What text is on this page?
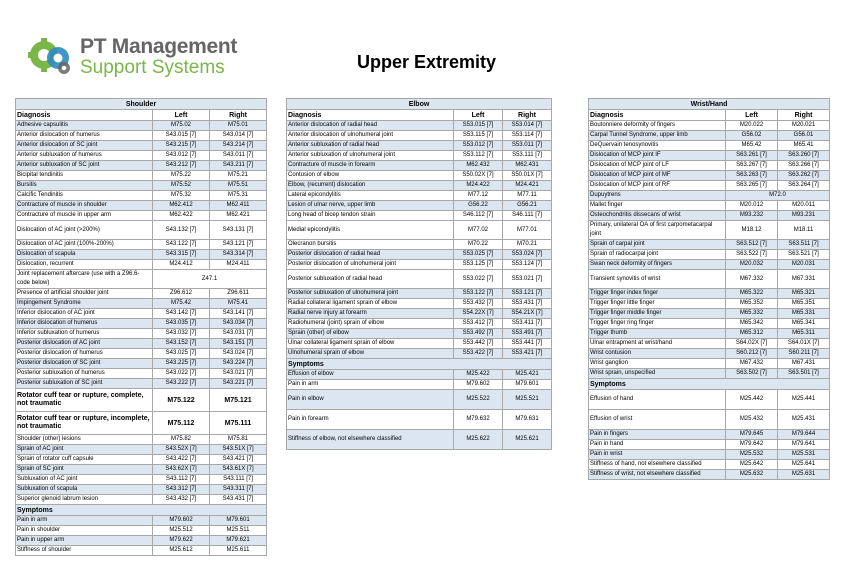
PT Management
Support Systems	Upper Extremity
Shoulder		
Diagnosis	Left	Right
Adhesive capsulitis	M75.02	M75.01
Anterior dislocation of humerus	S43.015 [7]	S43.014 [7]
Anterior dislocation of SC joint	S43.215 [7]	S43.214 [7]
Anterior subluxation of humerus	S43.012 [7]	S43.011 [7]
Anterior subluxation of SC joint	S43.212 [7]	S43.211 [7]
Bicipital tendinitis	M75.22	M75.21
Bursitis	M75.52	M75.51
Calcific Tendinitis	M75.32	M75.31
Contracture of muscle in shoulder	M62.412	M62.411
Contracture of muscle in upper arm	M62.422	M62.421
Dislocation of AC joint (>200%)	S43.132 [7]	S43.131 [7]
Dislocation of AC joint (100%-200%)	S43.122 [7]	S43.121 [7]
Dislocation of scapula	S43.315 [7]	S43.314 [7]
Dislocation, recurrent	M24.412	M24.411
Joint replacement aftercare (use with a Z96.6- code below)	Z47.1	
Presence of artificial shoulder joint	Z96.612	Z96.611
Impingement Syndrome	M75.42	M75.41
Inferior dislocation of AC joint	S43.142 [7]	S43.141 [7]
Inferior dislocation of humerus	S43.035 [7]	S43.034 [7]
Inferior subluxation of humerus	S43.032 [7]	S43.031 [7]
Posterior dislocation of AC joint	S43.152 [7]	S43.151 [7]
Posterior dislocation of humerus	S43.025 [7]	S43.024 [7]
Posterior dislocation of SC joint	S43.225 [7]	S43.224 [7]
Posterior subluxation of humerus	S43.022 [7]	S43.021 [7]
Posterior subluxation of SC joint	S43.222 [7]	S43.221 [7]
Rotator cuff tear or rupture, complete, not traumatic	M75.122	M75.121
Rotator cuff tear or rupture, incomplete, not traumatic	M75.112	M75.111
Shoulder (other) lesions	M75.82	M75.81
Sprain of AC joint	S43.52X [7]	S43.51X [7]
Sprain of rotator cuff capsule	S43.422 [7]	S43.421 [7]
Sprain of SC joint	S43.62X [7]	S43.61X [7]
Subluxation of AC joint	S43.112 [7]	S43.111 [7]
Subluxation of scapula	S43.312 [7]	S43.311 [7]
Superior glenoid labrum lesion	S43.432 [7]	S43.431 [7]
Symptoms		
Pain in arm	M79.602	M79.601
Pain in shoulder	M25.512	M25.511
Pain in upper arm	M79.622	M79.621
Stiffness of shoulder	M25.612	M25.611
Elbow		
Diagnosis	Left	Right
Anterior dislocation of radial head	S53.015 [7]	S53.014 [7]
Anterior dislocation of ulnohumeral joint	S53.115 [7]	S53.114 [7]
Anterior subluxation of radial head	S53.012 [7]	S53.011 [7]
Anterior subluxation of ulnohumeral joint	S53.112 [7]	S53.111 [7]
Contracture of muscle in forearm	M62.432	M62.431
Contusion of elbow	S50.02X [7]	S50.01X [7]
Elbow, (recurrent) dislocation	M24.422	M24.421
Lateral epicondylitis	M77.12	M77.11
Lesion of ulnar nerve, upper limb	G56.22	G56.21
Long head of bicep tendon strain	S46.112 [7]	S46.111 [7]
Medial epicondylitis	M77.02	M77.01
Olecranon bursitis	M70.22	M70.21
Posterior dislocation of radial head	S53.025 [7]	S53.024 [7]
Posterior dislocation of ulnohumeral joint	S53.125 [7]	S53.124 [7]
Posterior subluxation of radial head	S53.022 [7]	S53.021 [7]
Posterior subluxation of ulnohumeral joint	S53.122 [7]	S53.121 [7]
Radial collateral ligament sprain of elbow	S53.432 [7]	S53.431 [7]
Radial nerve injury at forearm	S54.22X [7]	S54.21X [7]
Radiohumeral (joint) sprain of elbow	S53.412 [7]	S53.411 [7]
Sprain (other) of elbow	S53.492 [7]	S53.491 [7]
Ulnar collateral ligament sprain of elbow	S53.442 [7]	S53.441 [7]
Ulnohumeral sprain of elbow	S53.422 [7]	S53.421 [7]
Symptoms		
Effusion of elbow	M25.422	M25.421
Pain in arm	M79.602	M79.601
Pain in elbow	M25.522	M25.521
Pain in forearm	M79.632	M79.631
Stiffness of elbow, not elsewhere classified	M25.622	M25.621
Wrist/Hand		
Diagnosis	Left	Right
Boutonniere deformity of fingers	M20.022	M20.021
Carpal Tunnel Syndrome, upper limb	G56.02	G56.01
DeQuervain tenosynovitis	M65.42	M65.41
Dislocation of MCP joint IF	S63.261 [7]	S63.260 [7]
Dislocation of MCP joint of LF	S63.267 [7]	S63.266 [7]
Dislocation of MCP joint of MF	S63.263 [7]	S63.262 [7]
Dislocation of MCP joint of RF	S63.265 [7]	S63.264 [7]
Dupuytrens	M72.0	
Mallet finger	M20.012	M20.011
Osteochondritis dissecans of wrist	M93.232	M93.231
Primary, unilateral OA of first carpometacarpal joint	M18.12	M18.11
Sprain of carpal joint	S63.512 [7]	S63.511 [7]
Sprain of radiocarpal joint	S63.522 [7]	S63.521 [7]
Swan neck deformity of fingers	M20.032	M20.031
Transient synovitis of wrist	M67.332	M67.331
Trigger finger index finger	M65.322	M65.321
Trigger finger little finger	M65.352	M65.351
Trigger finger middle finger	M65.332	M65.331
Trigger finger ring finger	M65.342	M65.341
Trigger thumb	M65.312	M65.311
Ulnar entrapment at wrist/hand	S64.02X [7]	S64.01X [7]
Wrist contusion	S60.212 [7]	S60.211 [7]
Wrist ganglion	M67.432	M67.431
Wrist sprain, unspecified	S63.502 [7]	S63.501 [7]
Symptoms		
Effusion of hand	M25.442	M25.441
Effusion of wrist	M25.432	M25.431
Pain in fingers	M79.645	M79.644
Pain in hand	M79.642	M79.641
Pain in wrist	M25.532	M25.531
Stiffness of hand, not elsewhere classified	M25.642	M25.641
Stiffness of wrist, not elsewhere classified	M25.632	M25.631
